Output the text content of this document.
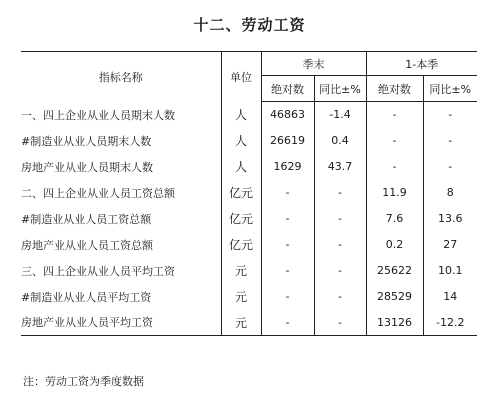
十二、劳动工资
指标名称	单位	季末		1-本季	
		绝对数	同比±%	绝对数	同比±%
一、四上企业从业人员期末人数	人	46863	-1.4	-	-
#制造业从业人员期末人数	人	26619	0.4	-	-
房地产业从业人员期末人数	人	1629	43.7	-	-
二、四上企业从业人员工资总额	亿元	-	-	11.9	8
#制造业从业人员工资总额	亿元	-	-	7.6	13.6
房地产业从业人员工资总额	亿元	-	-	0.2	27
三、四上企业从业人员平均工资	元	-	-	25622	10.1
#制造业从业人员平均工资	元	-	-	28529	14
房地产业从业人员平均工资	元	-	-	13126	-12.2
注：劳动工资为季度数据
